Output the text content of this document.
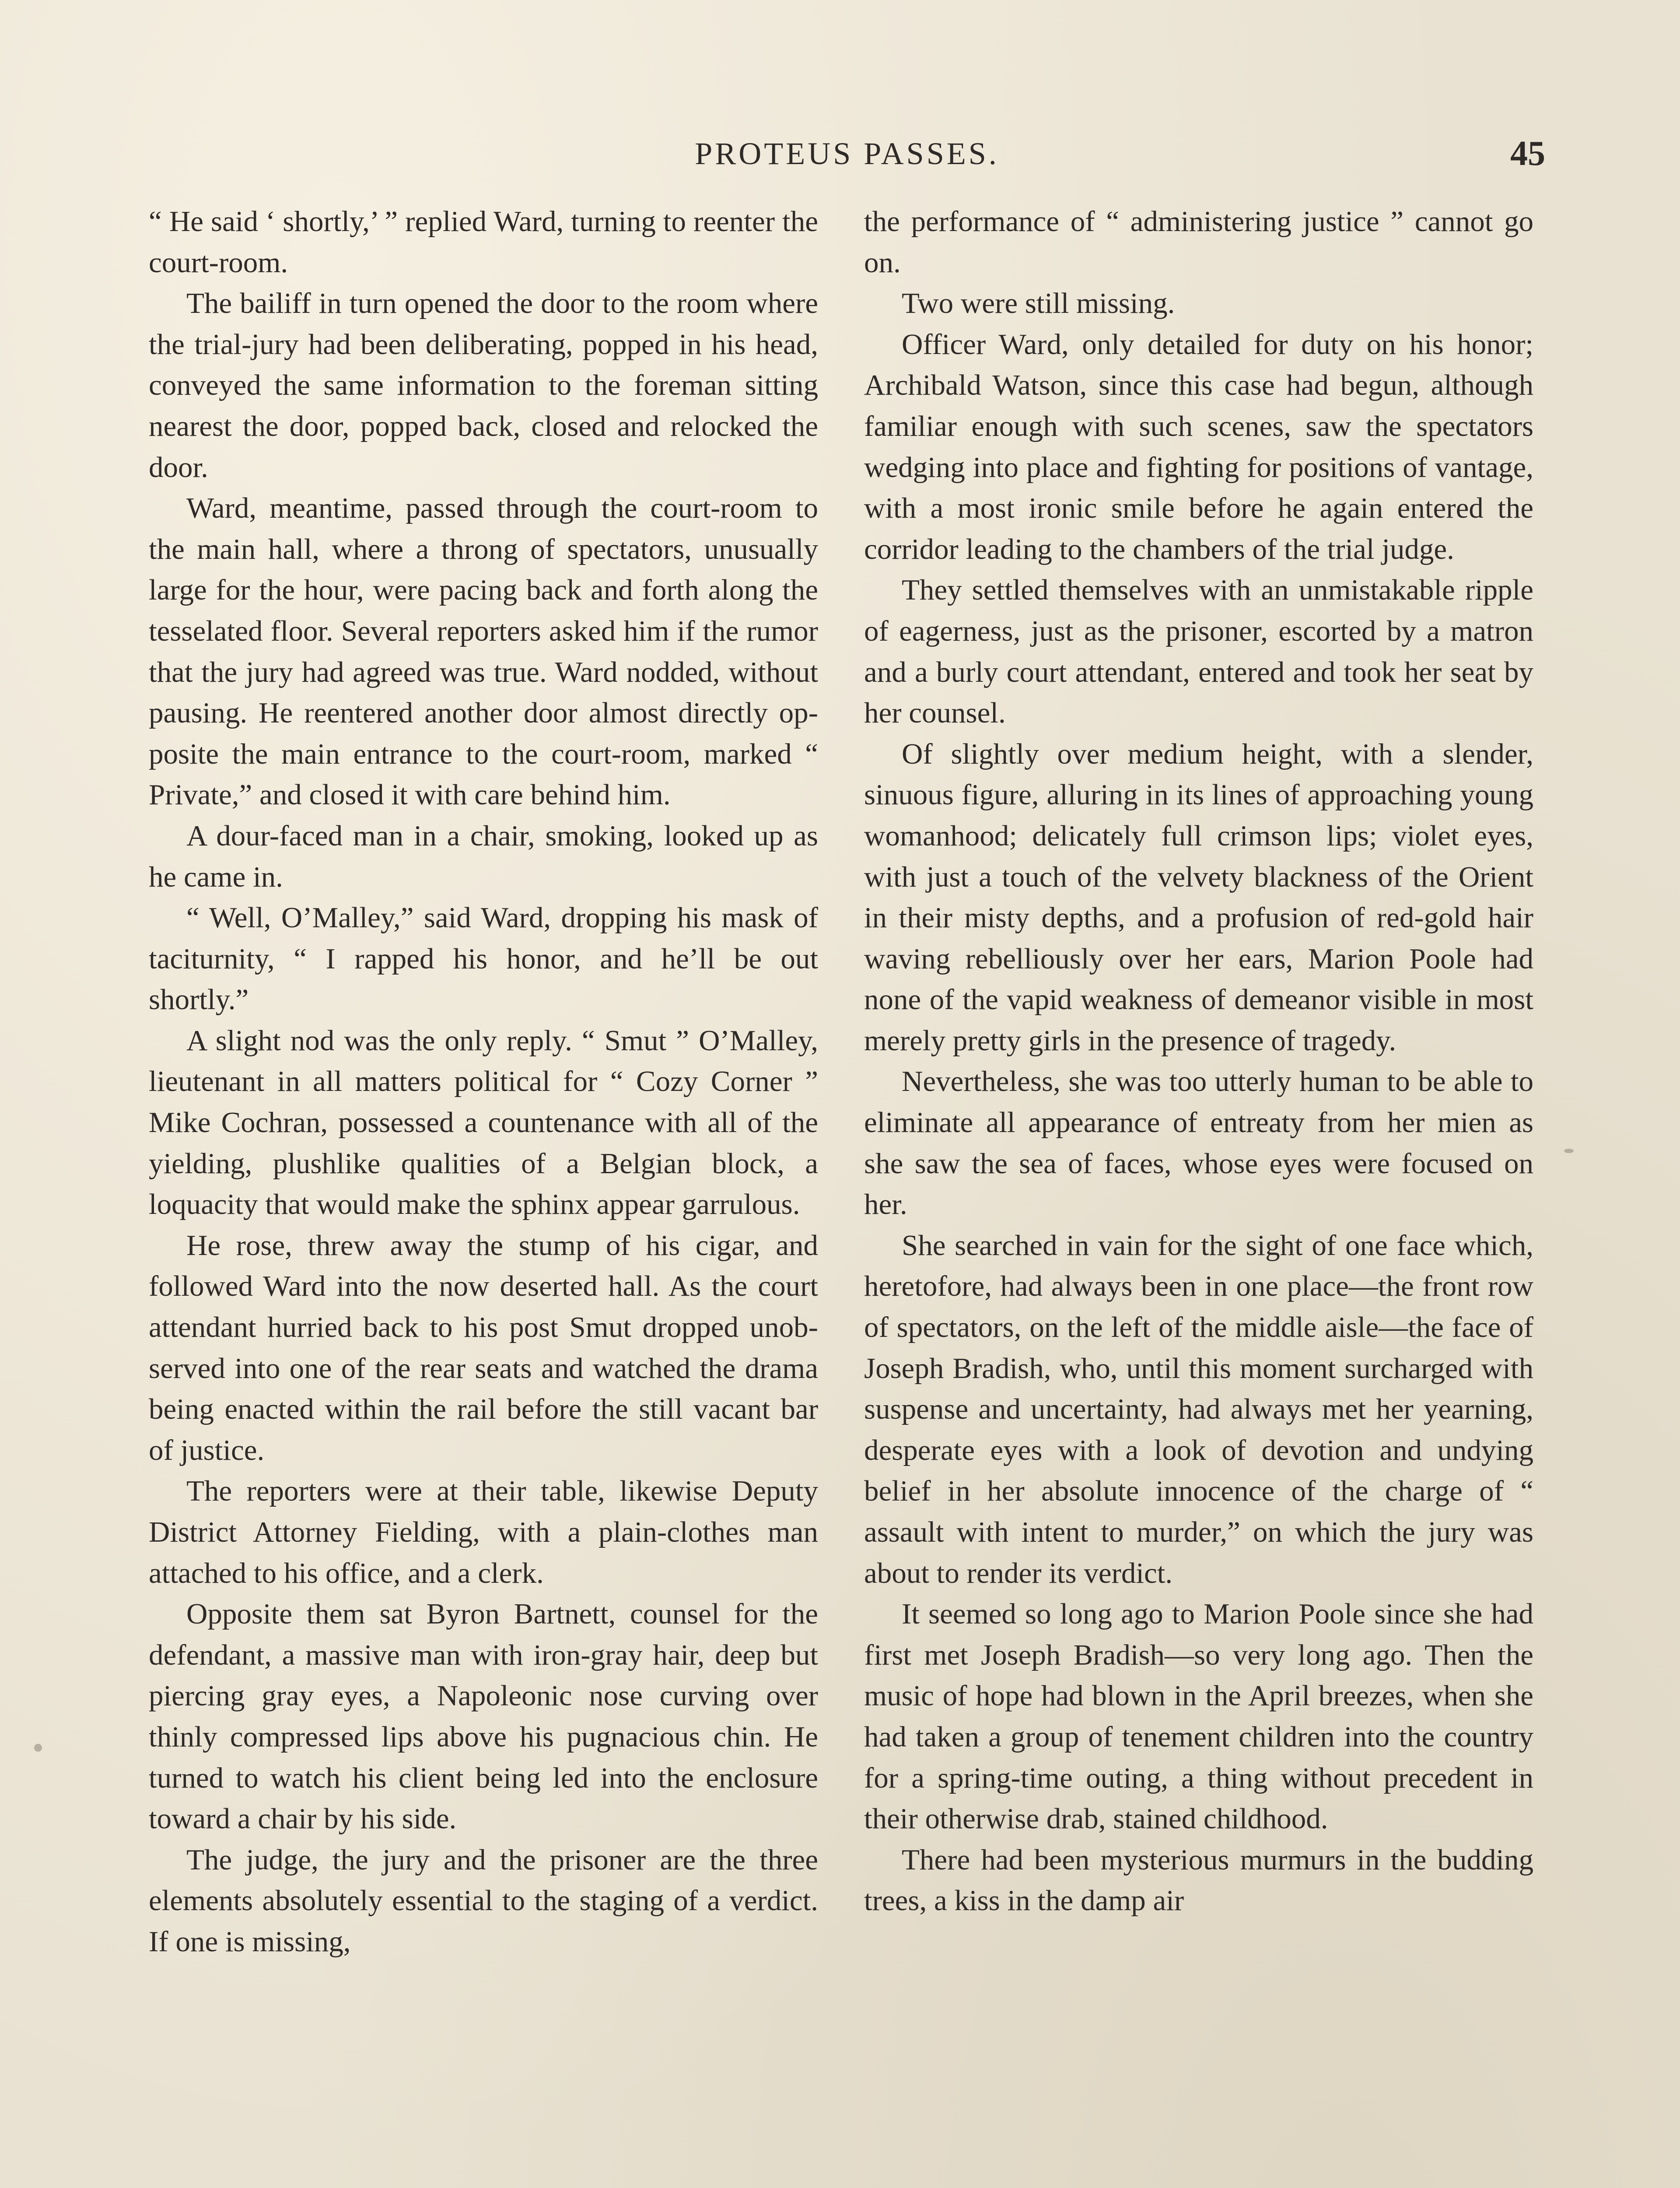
PROTEUS PASSES.	45

“ He said ‘ shortly,’ ” replied Ward, turning to reenter the court-room.

The bailiff in turn opened the door to the room where the trial-jury had been deliberating, popped in his head, conveyed the same information to the foreman sitting nearest the door, popped back, closed and relocked the door.

Ward, meantime, passed through the court-room to the main hall, where a throng of spectators, unusually large for the hour, were pacing back and forth along the tesselated floor. Several reporters asked him if the rumor that the jury had agreed was true. Ward nodded, without pausing. He reentered another door almost directly opposite the main entrance to the court-room, marked “ Private,” and closed it with care behind him.

A dour-faced man in a chair, smoking, looked up as he came in.

“ Well, O’Malley,” said Ward, dropping his mask of taciturnity, “ I rapped his honor, and he’ll be out shortly.”

A slight nod was the only reply. “ Smut ” O’Malley, lieutenant in all matters political for “ Cozy Corner ” Mike Cochran, possessed a countenance with all of the yielding, plushlike qualities of a Belgian block, a loquacity that would make the sphinx appear garrulous.

He rose, threw away the stump of his cigar, and followed Ward into the now deserted hall. As the court attendant hurried back to his post Smut dropped unobserved into one of the rear seats and watched the drama being enacted within the rail before the still vacant bar of justice.

The reporters were at their table, likewise Deputy District Attorney Fielding, with a plain-clothes man attached to his office, and a clerk.

Opposite them sat Byron Bartnett, counsel for the defendant, a massive man with iron-gray hair, deep but piercing gray eyes, a Napoleonic nose curving over thinly compressed lips above his pugnacious chin. He turned to watch his client being led into the enclosure toward a chair by his side.

The judge, the jury and the prisoner are the three elements absolutely essential to the staging of a verdict. If one is missing,

the performance of “ administering justice ” cannot go on.

Two were still missing.

Officer Ward, only detailed for duty on his honor; Archibald Watson, since this case had begun, although familiar enough with such scenes, saw the spectators wedging into place and fighting for positions of vantage, with a most ironic smile before he again entered the corridor leading to the chambers of the trial judge.

They settled themselves with an unmistakable ripple of eagerness, just as the prisoner, escorted by a matron and a burly court attendant, entered and took her seat by her counsel.

Of slightly over medium height, with a slender, sinuous figure, alluring in its lines of approaching young womanhood; delicately full crimson lips; violet eyes, with just a touch of the velvety blackness of the Orient in their misty depths, and a profusion of red-gold hair waving rebelliously over her ears, Marion Poole had none of the vapid weakness of demeanor visible in most merely pretty girls in the presence of tragedy.

Nevertheless, she was too utterly human to be able to eliminate all appearance of entreaty from her mien as she saw the sea of faces, whose eyes were focused on her.

She searched in vain for the sight of one face which, heretofore, had always been in one place—the front row of spectators, on the left of the middle aisle—the face of Joseph Bradish, who, until this moment surcharged with suspense and uncertainty, had always met her yearning, desperate eyes with a look of devotion and undying belief in her absolute innocence of the charge of “ assault with intent to murder,” on which the jury was about to render its verdict.

It seemed so long ago to Marion Poole since she had first met Joseph Bradish—so very long ago. Then the music of hope had blown in the April breezes, when she had taken a group of tenement children into the country for a spring-time outing, a thing without precedent in their otherwise drab, stained childhood.

There had been mysterious murmurs in the budding trees, a kiss in the damp air
